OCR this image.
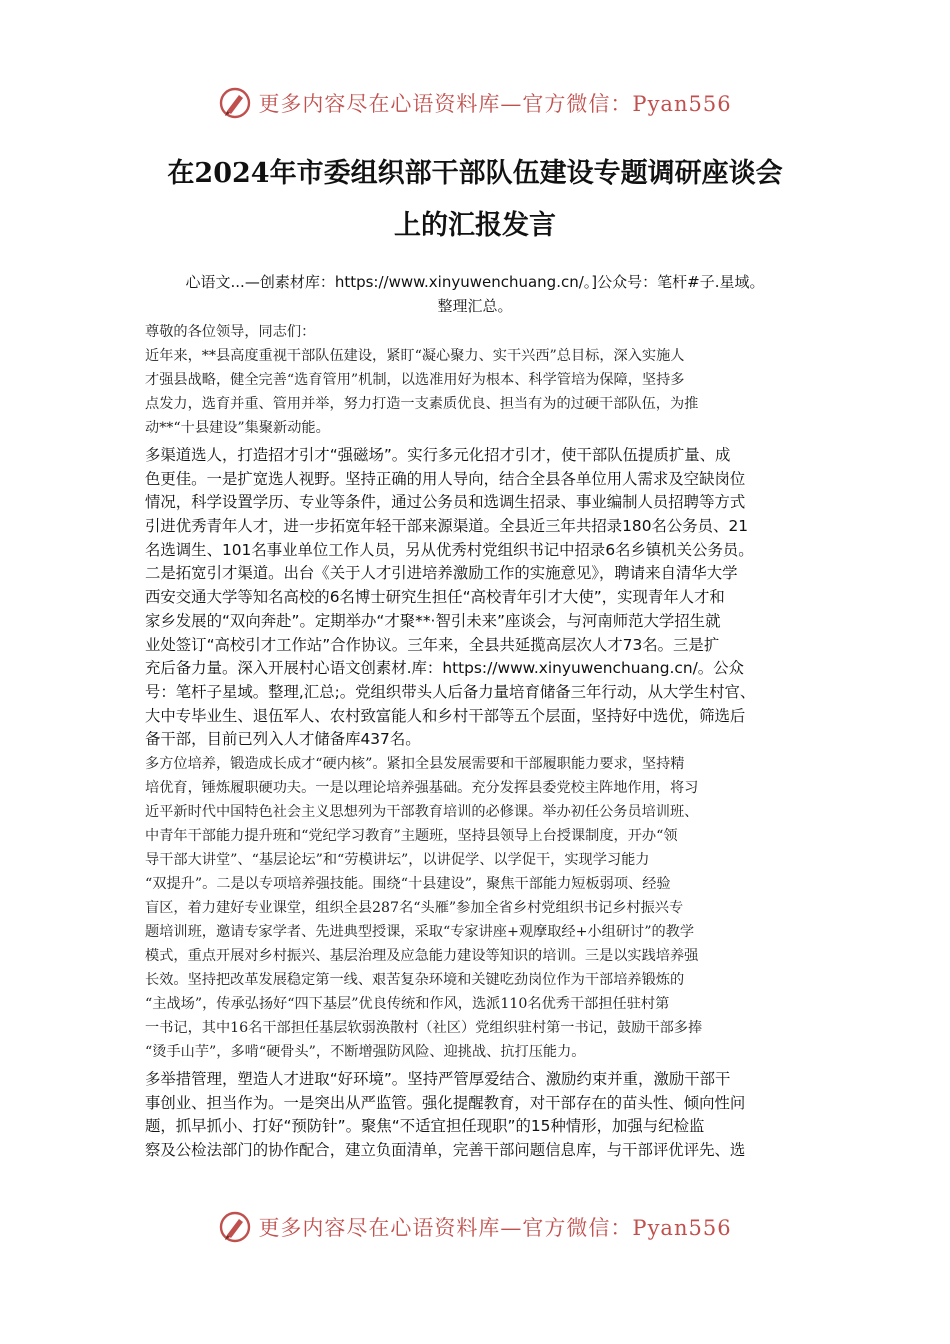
更多内容尽在心语资料库—官方微信：Pyan556
在2024年市委组织部干部队伍建设专题调研座谈会
上的汇报发言
心语文...—创素材库：https://www.xinyuwenchuang.cn/。]公众号：笔杆#子.星域。
整理汇总。
尊敬的各位领导，同志们：
近年来，**县高度重视干部队伍建设，紧盯“凝心聚力、实干兴西”总目标，深入实施人
才强县战略，健全完善“选育管用”机制，以选准用好为根本、科学管培为保障，坚持多
点发力，选育并重、管用并举，努力打造一支素质优良、担当有为的过硬干部队伍，为推
动**“十县建设”集聚新动能。
多渠道选人，打造招才引才“强磁场”。实行多元化招才引才，使干部队伍提质扩量、成
色更佳。一是扩宽选人视野。坚持正确的用人导向，结合全县各单位用人需求及空缺岗位
情况，科学设置学历、专业等条件，通过公务员和选调生招录、事业编制人员招聘等方式
引进优秀青年人才，进一步拓宽年轻干部来源渠道。全县近三年共招录180名公务员、21
名选调生、101名事业单位工作人员，另从优秀村党组织书记中招录6名乡镇机关公务员。
二是拓宽引才渠道。出台《关于人才引进培养激励工作的实施意见》，聘请来自清华大学
西安交通大学等知名高校的6名博士研究生担任“高校青年引才大使”，实现青年人才和
家乡发展的“双向奔赴”。定期举办“才聚**·智引未来”座谈会，与河南师范大学招生就
业处签订“高校引才工作站”合作协议。三年来，全县共延揽高层次人才73名。三是扩
充后备力量。深入开展村心语文创素材.库：https://www.xinyuwenchuang.cn/。公众
号：笔杆子星域。整理,汇总;。党组织带头人后备力量培育储备三年行动，从大学生村官、
大中专毕业生、退伍军人、农村致富能人和乡村干部等五个层面，坚持好中选优，筛选后
备干部，目前已列入人才储备库437名。
多方位培养，锻造成长成才“硬内核”。紧扣全县发展需要和干部履职能力要求，坚持精
培优育，锤炼履职硬功夫。一是以理论培养强基础。充分发挥县委党校主阵地作用，将习
近平新时代中国特色社会主义思想列为干部教育培训的必修课。举办初任公务员培训班、
中青年干部能力提升班和“党纪学习教育”主题班，坚持县领导上台授课制度，开办“领
导干部大讲堂”、“基层论坛”和“劳模讲坛”，以讲促学、以学促干，实现学习能力
“双提升”。二是以专项培养强技能。围绕“十县建设”，聚焦干部能力短板弱项、经验
盲区，着力建好专业课堂，组织全县287名“头雁”参加全省乡村党组织书记乡村振兴专
题培训班，邀请专家学者、先进典型授课，采取“专家讲座+观摩取经+小组研讨”的教学
模式，重点开展对乡村振兴、基层治理及应急能力建设等知识的培训。三是以实践培养强
长效。坚持把改革发展稳定第一线、艰苦复杂环境和关键吃劲岗位作为干部培养锻炼的
“主战场”，传承弘扬好“四下基层”优良传统和作风，选派110名优秀干部担任驻村第
一书记，其中16名干部担任基层软弱涣散村（社区）党组织驻村第一书记，鼓励干部多捧
“烫手山芋”，多啃“硬骨头”，不断增强防风险、迎挑战、抗打压能力。
多举措管理，塑造人才进取“好环境”。坚持严管厚爱结合、激励约束并重，激励干部干
事创业、担当作为。一是突出从严监管。强化提醒教育，对干部存在的苗头性、倾向性问
题，抓早抓小、打好“预防针”。聚焦“不适宜担任现职”的15种情形，加强与纪检监
察及公检法部门的协作配合，建立负面清单，完善干部问题信息库，与干部评优评先、选
更多内容尽在心语资料库—官方微信：Pyan556
